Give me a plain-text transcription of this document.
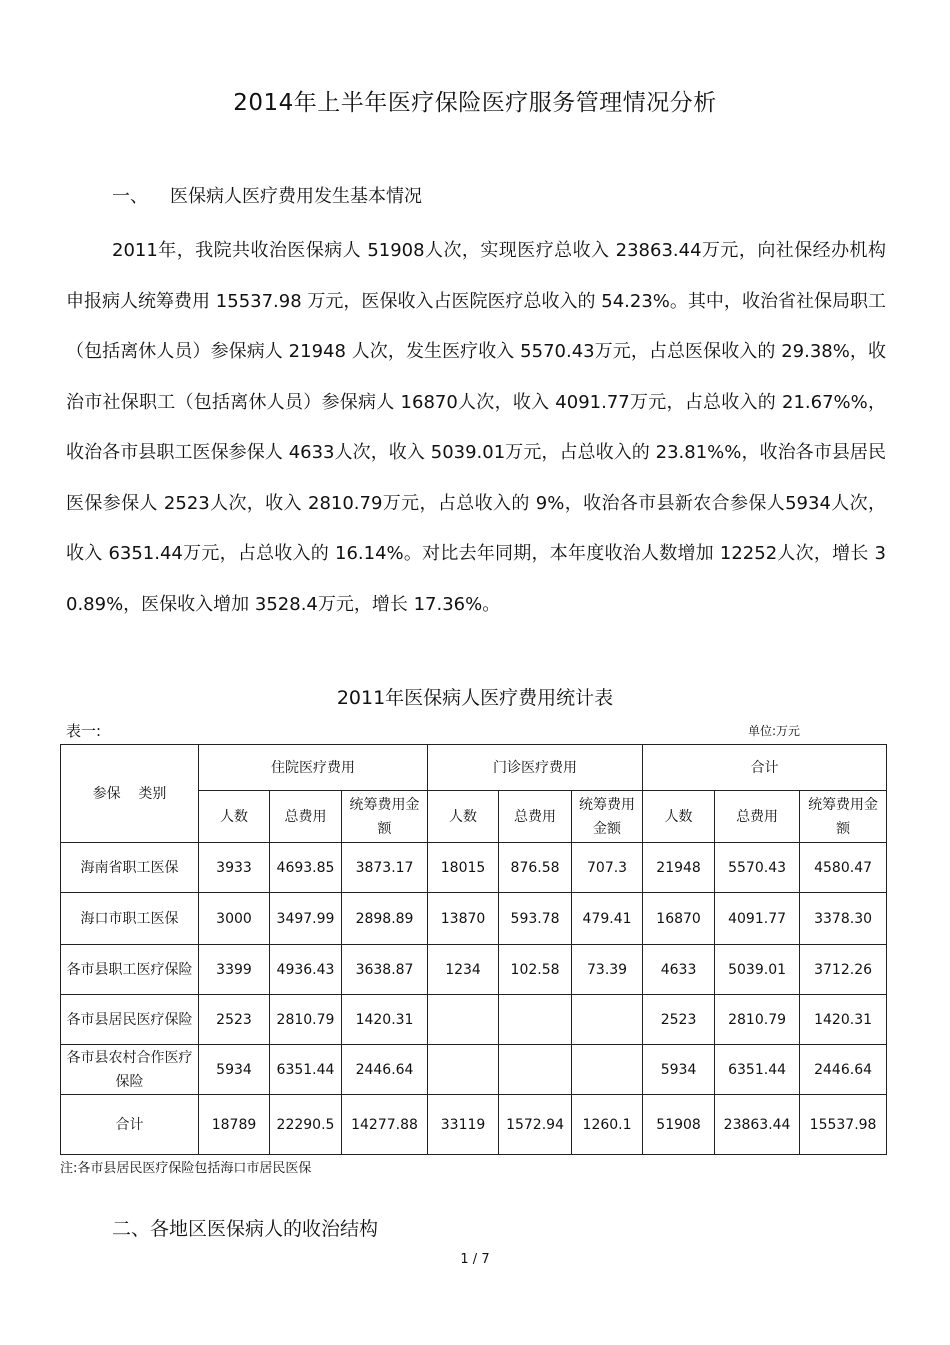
2014年上半年医疗保险医疗服务管理情况分析
一、 医保病人医疗费用发生基本情况

2011年，我院共收治医保病人 51908人次，实现医疗总收入 23863.44万元，向社保经办机构申报病人统筹费用 15537.98 万元，医保收入占医院医疗总收入的 54.23%。其中，收治省社保局职工（包括离休人员）参保病人 21948 人次，发生医疗收入 5570.43万元，占总医保收入的 29.38%，收治市社保职工（包括离休人员）参保病人 16870人次，收入 4091.77万元，占总收入的 21.67%%，收治各市县职工医保参保人 4633人次，收入 5039.01万元，占总收入的 23.81%%，收治各市县居民医保参保人 2523人次，收入 2810.79万元，占总收入的 9%，收治各市县新农合参保人5934人次，收入 6351.44万元，占总收入的 16.14%。对比去年同期，本年度收治人数增加 12252人次，增长 30.89%，医保收入增加 3528.4万元，增长 17.36%。

2011年医保病人医疗费用统计表
表一:	单位:万元
参保    类别	住院医疗费用			门诊医疗费用			合计		
	人数	总费用	统筹费用金额	人数	总费用	统筹费用金额	人数	总费用	统筹费用金额
海南省职工医保	3933	4693.85	3873.17	18015	876.58	707.3	21948	5570.43	4580.47
海口市职工医保	3000	3497.99	2898.89	13870	593.78	479.41	16870	4091.77	3378.30
各市县职工医疗保险	3399	4936.43	3638.87	1234	102.58	73.39	4633	5039.01	3712.26
各市县居民医疗保险	2523	2810.79	1420.31				2523	2810.79	1420.31
各市县农村合作医疗保险	5934	6351.44	2446.64				5934	6351.44	2446.64
合计	18789	22290.5	14277.88	33119	1572.94	1260.1	51908	23863.44	15537.98
注:各市县居民医疗保险包括海口市居民医保
二、各地区医保病人的收治结构
1 / 7
